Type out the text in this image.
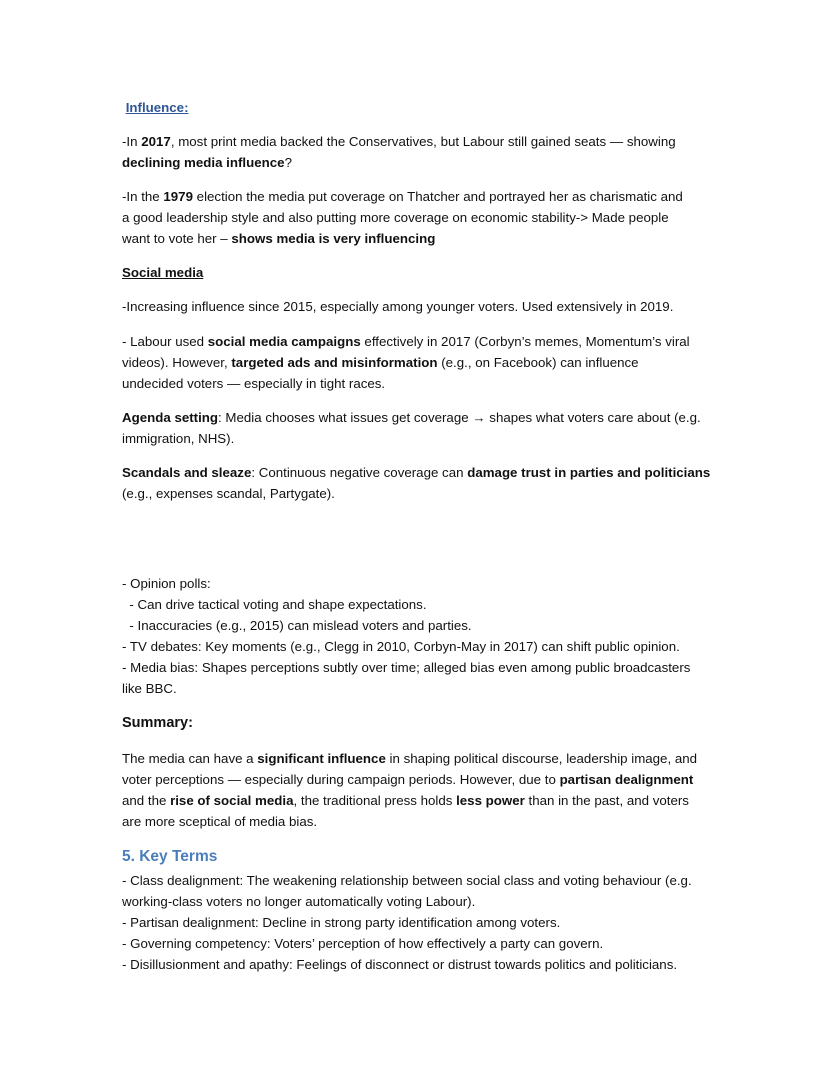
Influence:
-In 2017, most print media backed the Conservatives, but Labour still gained seats — showing
declining media influence?
-In the 1979 election the media put coverage on Thatcher and portrayed her as charismatic and
a good leadership style and also putting more coverage on economic stability-> Made people
want to vote her – shows media is very influencing
Social media
-Increasing influence since 2015, especially among younger voters. Used extensively in 2019.
- Labour used social media campaigns effectively in 2017 (Corbyn’s memes, Momentum’s viral
videos). However, targeted ads and misinformation (e.g., on Facebook) can influence
undecided voters — especially in tight races.
Agenda setting: Media chooses what issues get coverage → shapes what voters care about (e.g.
immigration, NHS).
Scandals and sleaze: Continuous negative coverage can damage trust in parties and politicians
(e.g., expenses scandal, Partygate).
- Opinion polls:
- Can drive tactical voting and shape expectations.
- Inaccuracies (e.g., 2015) can mislead voters and parties.
- TV debates: Key moments (e.g., Clegg in 2010, Corbyn-May in 2017) can shift public opinion.
- Media bias: Shapes perceptions subtly over time; alleged bias even among public broadcasters
like BBC.
Summary:
The media can have a significant influence in shaping political discourse, leadership image, and
voter perceptions — especially during campaign periods. However, due to partisan dealignment
and the rise of social media, the traditional press holds less power than in the past, and voters
are more sceptical of media bias.
5. Key Terms
- Class dealignment: The weakening relationship between social class and voting behaviour (e.g.
working-class voters no longer automatically voting Labour).
- Partisan dealignment: Decline in strong party identification among voters.
- Governing competency: Voters’ perception of how effectively a party can govern.
- Disillusionment and apathy: Feelings of disconnect or distrust towards politics and politicians.
